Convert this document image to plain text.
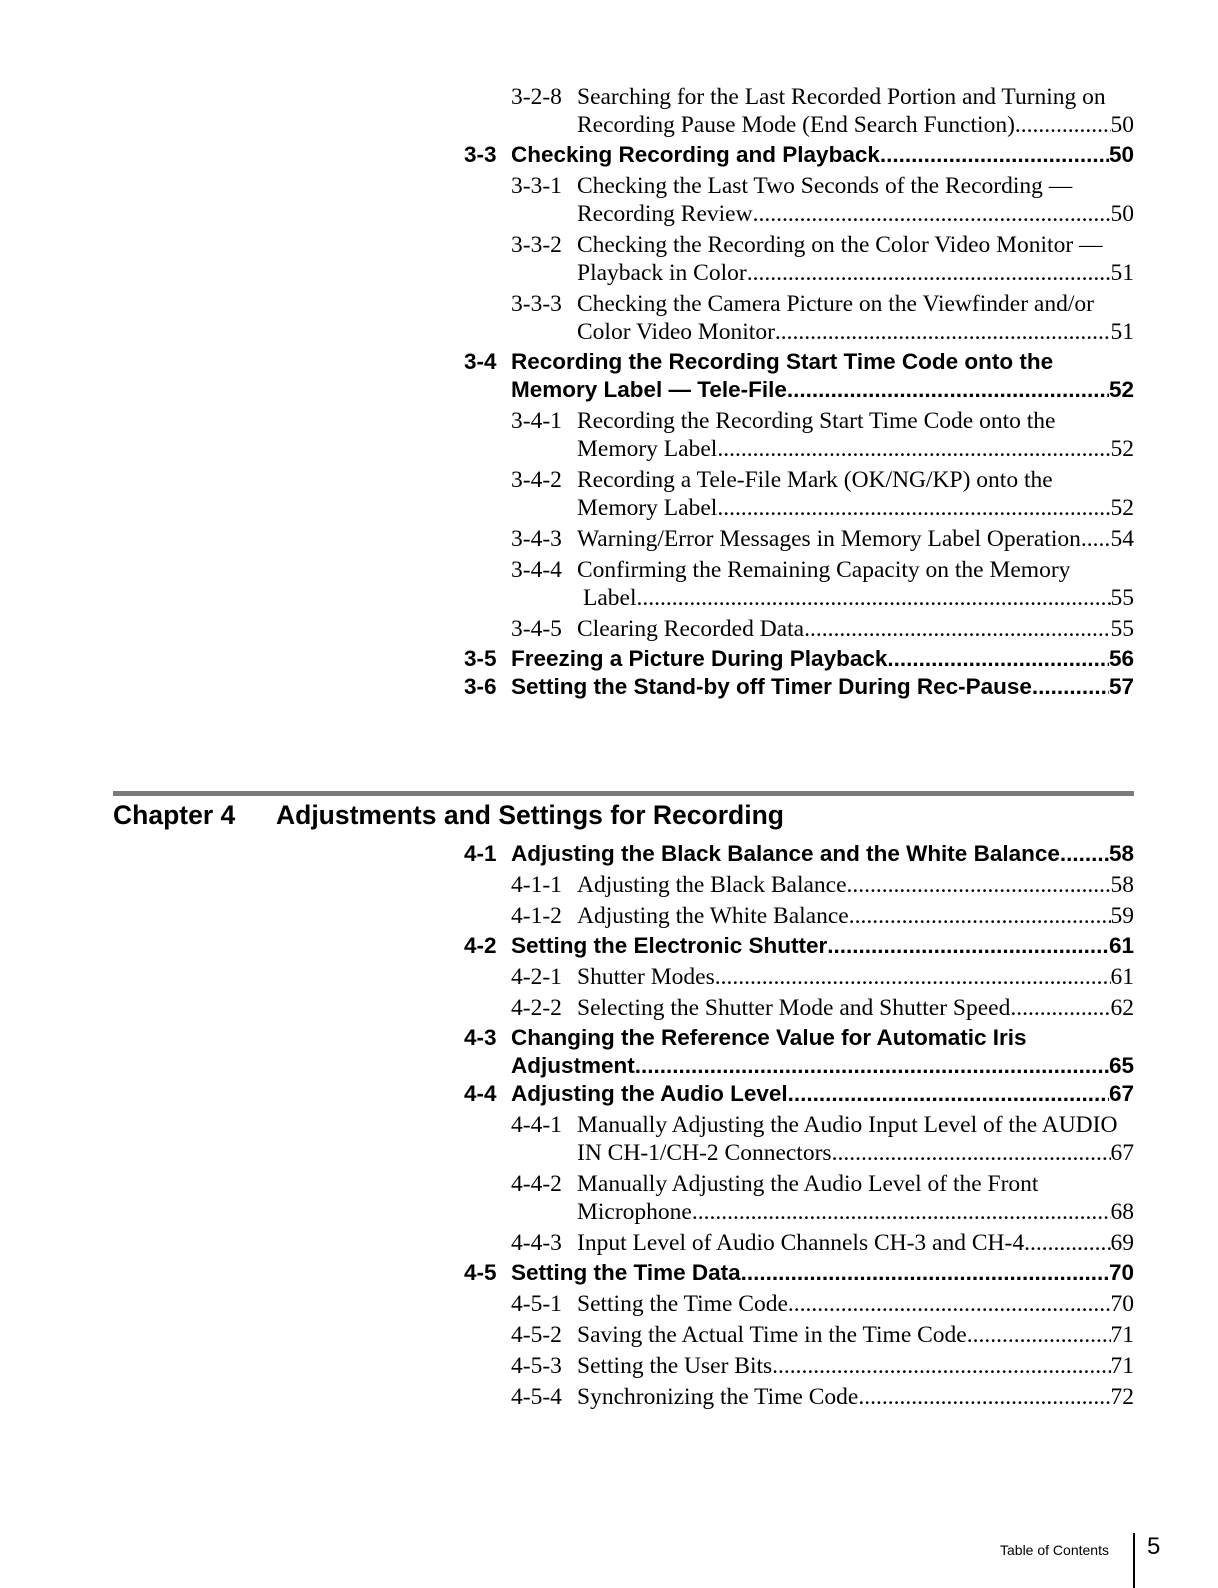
3-2-8 Searching for the Last Recorded Portion and Turning on
Recording Pause Mode (End Search Function) .....	50
3-3 Checking Recording and Playback .....	50
3-3-1 Checking the Last Two Seconds of the Recording —
Recording Review .....	50
3-3-2 Checking the Recording on the Color Video Monitor —
Playback in Color .....	51
3-3-3 Checking the Camera Picture on the Viewfinder and/or
Color Video Monitor .....	51
3-4 Recording the Recording Start Time Code onto the
Memory Label — Tele-File .....	52
3-4-1 Recording the Recording Start Time Code onto the
Memory Label .....	52
3-4-2 Recording a Tele-File Mark (OK/NG/KP) onto the
Memory Label .....	52
3-4-3 Warning/Error Messages in Memory Label Operation ..... 54
3-4-4 Confirming the Remaining Capacity on the Memory
Label .....	55
3-4-5 Clearing Recorded Data .....	55
3-5 Freezing a Picture During Playback .....	56
3-6 Setting the Stand-by off Timer During Rec-Pause .....	57
Chapter 4 Adjustments and Settings for Recording
4-1 Adjusting the Black Balance and the White Balance ..... 58
4-1-1 Adjusting the Black Balance .....	58
4-1-2 Adjusting the White Balance .....	59
4-2 Setting the Electronic Shutter .....	61
4-2-1 Shutter Modes .....	61
4-2-2 Selecting the Shutter Mode and Shutter Speed .....	62
4-3 Changing the Reference Value for Automatic Iris
Adjustment .....	65
4-4 Adjusting the Audio Level .....	67
4-4-1 Manually Adjusting the Audio Input Level of the AUDIO
IN CH-1/CH-2 Connectors .....	67
4-4-2 Manually Adjusting the Audio Level of the Front
Microphone .....	68
4-4-3 Input Level of Audio Channels CH-3 and CH-4 .....	69
4-5 Setting the Time Data .....	70
4-5-1 Setting the Time Code .....	70
4-5-2 Saving the Actual Time in the Time Code .....	71
4-5-3 Setting the User Bits .....	71
4-5-4 Synchronizing the Time Code .....	72
Table of Contents 5
